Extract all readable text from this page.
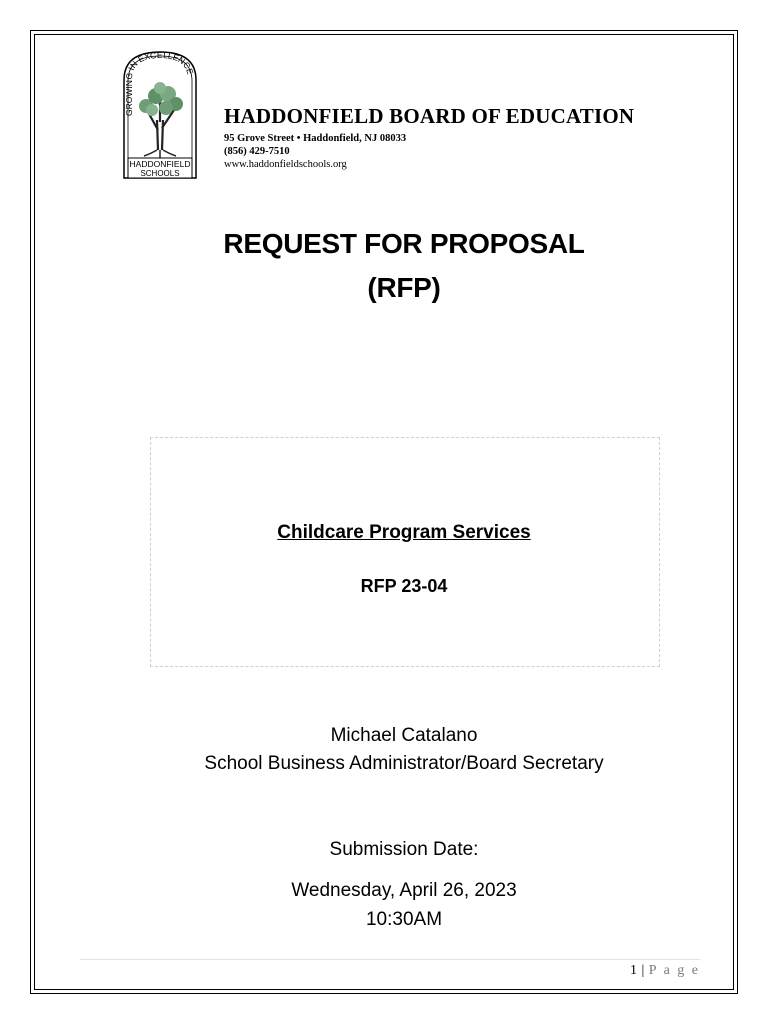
GROWING IN EXCELLENCE
HADDONFIELD
SCHOOLS
HADDONFIELD BOARD OF EDUCATION
95 Grove Street • Haddonfield, NJ 08033
(856) 429-7510
www.haddonfieldschools.org
REQUEST FOR PROPOSAL
(RFP)
Childcare Program Services
RFP 23-04
Michael Catalano
School Business Administrator/Board Secretary
Submission Date:
Wednesday, April 26, 2023
10:30AM
1 | P a g e
